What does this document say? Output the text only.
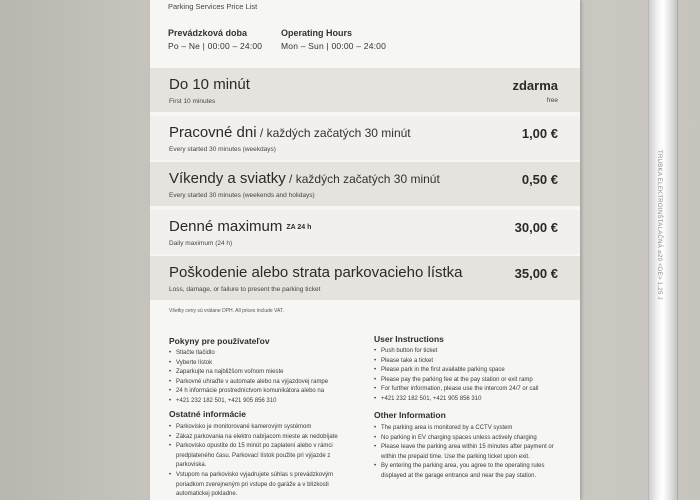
TRUBKA ELEKTROINŠTALAČNÁ ⌀20 <DE> 1,25 J
Parking Services Price List
Prevádzková doba
Po – Ne | 00:00 – 24:00
Operating Hours
Mon – Sun | 00:00 – 24:00
Do 10 minút
First 10 minutes
zdarma
free
Pracovné dni / každých začatých 30 minút
Every started 30 minutes (weekdays)
1,00 €
Víkendy a sviatky / každých začatých 30 minút
Every started 30 minutes (weekends and holidays)
0,50 €
Denné maximum ZA 24 h
Daily maximum (24 h)
30,00 €
Poškodenie alebo strata parkovacieho lístka
Loss, damage, or failure to present the parking ticket
35,00 €
Všetky ceny sú vrátane DPH. All prices include VAT.
Pokyny pre používateľov
• Stlačte tlačidlo
• Vyberte lístok
• Zaparkujte na najbližšom voľnom mieste
• Parkovné uhraďte v automate alebo na výjazdovej rampe
• 24 h informácie prostredníctvom komunikátora alebo na
• +421 232 182 501, +421 905 856 310
User Instructions
• Push button for ticket
• Please take a ticket
• Please park in the first available parking space
• Please pay the parking fee at the pay station or exit ramp
• For further information, please use the intercom 24/7 or call
• +421 232 182 501, +421 905 856 310
Ostatné informácie
• Parkovisko je monitorované kamerovým systémom
• Zákaz parkovania na elektro nabíjacom mieste ak nedobíjate
• Parkovisko opustite do 15 minút po zaplatení alebo v rámci predplateného času. Parkovací lístok použite pri výjazde z parkoviska.
• Vstupom na parkovisko vyjadrujete súhlas s prevádzkovým poriadkom zverejneným pri vstupe do garáže a v blízkosti automatickej pokladne.
Other Information
• The parking area is monitored by a CCTV system
• No parking in EV charging spaces unless actively charging
• Please leave the parking area within 15 minutes after payment or within the prepaid time. Use the parking ticket upon exit.
• By entering the parking area, you agree to the operating rules displayed at the garage entrance and near the pay station.
